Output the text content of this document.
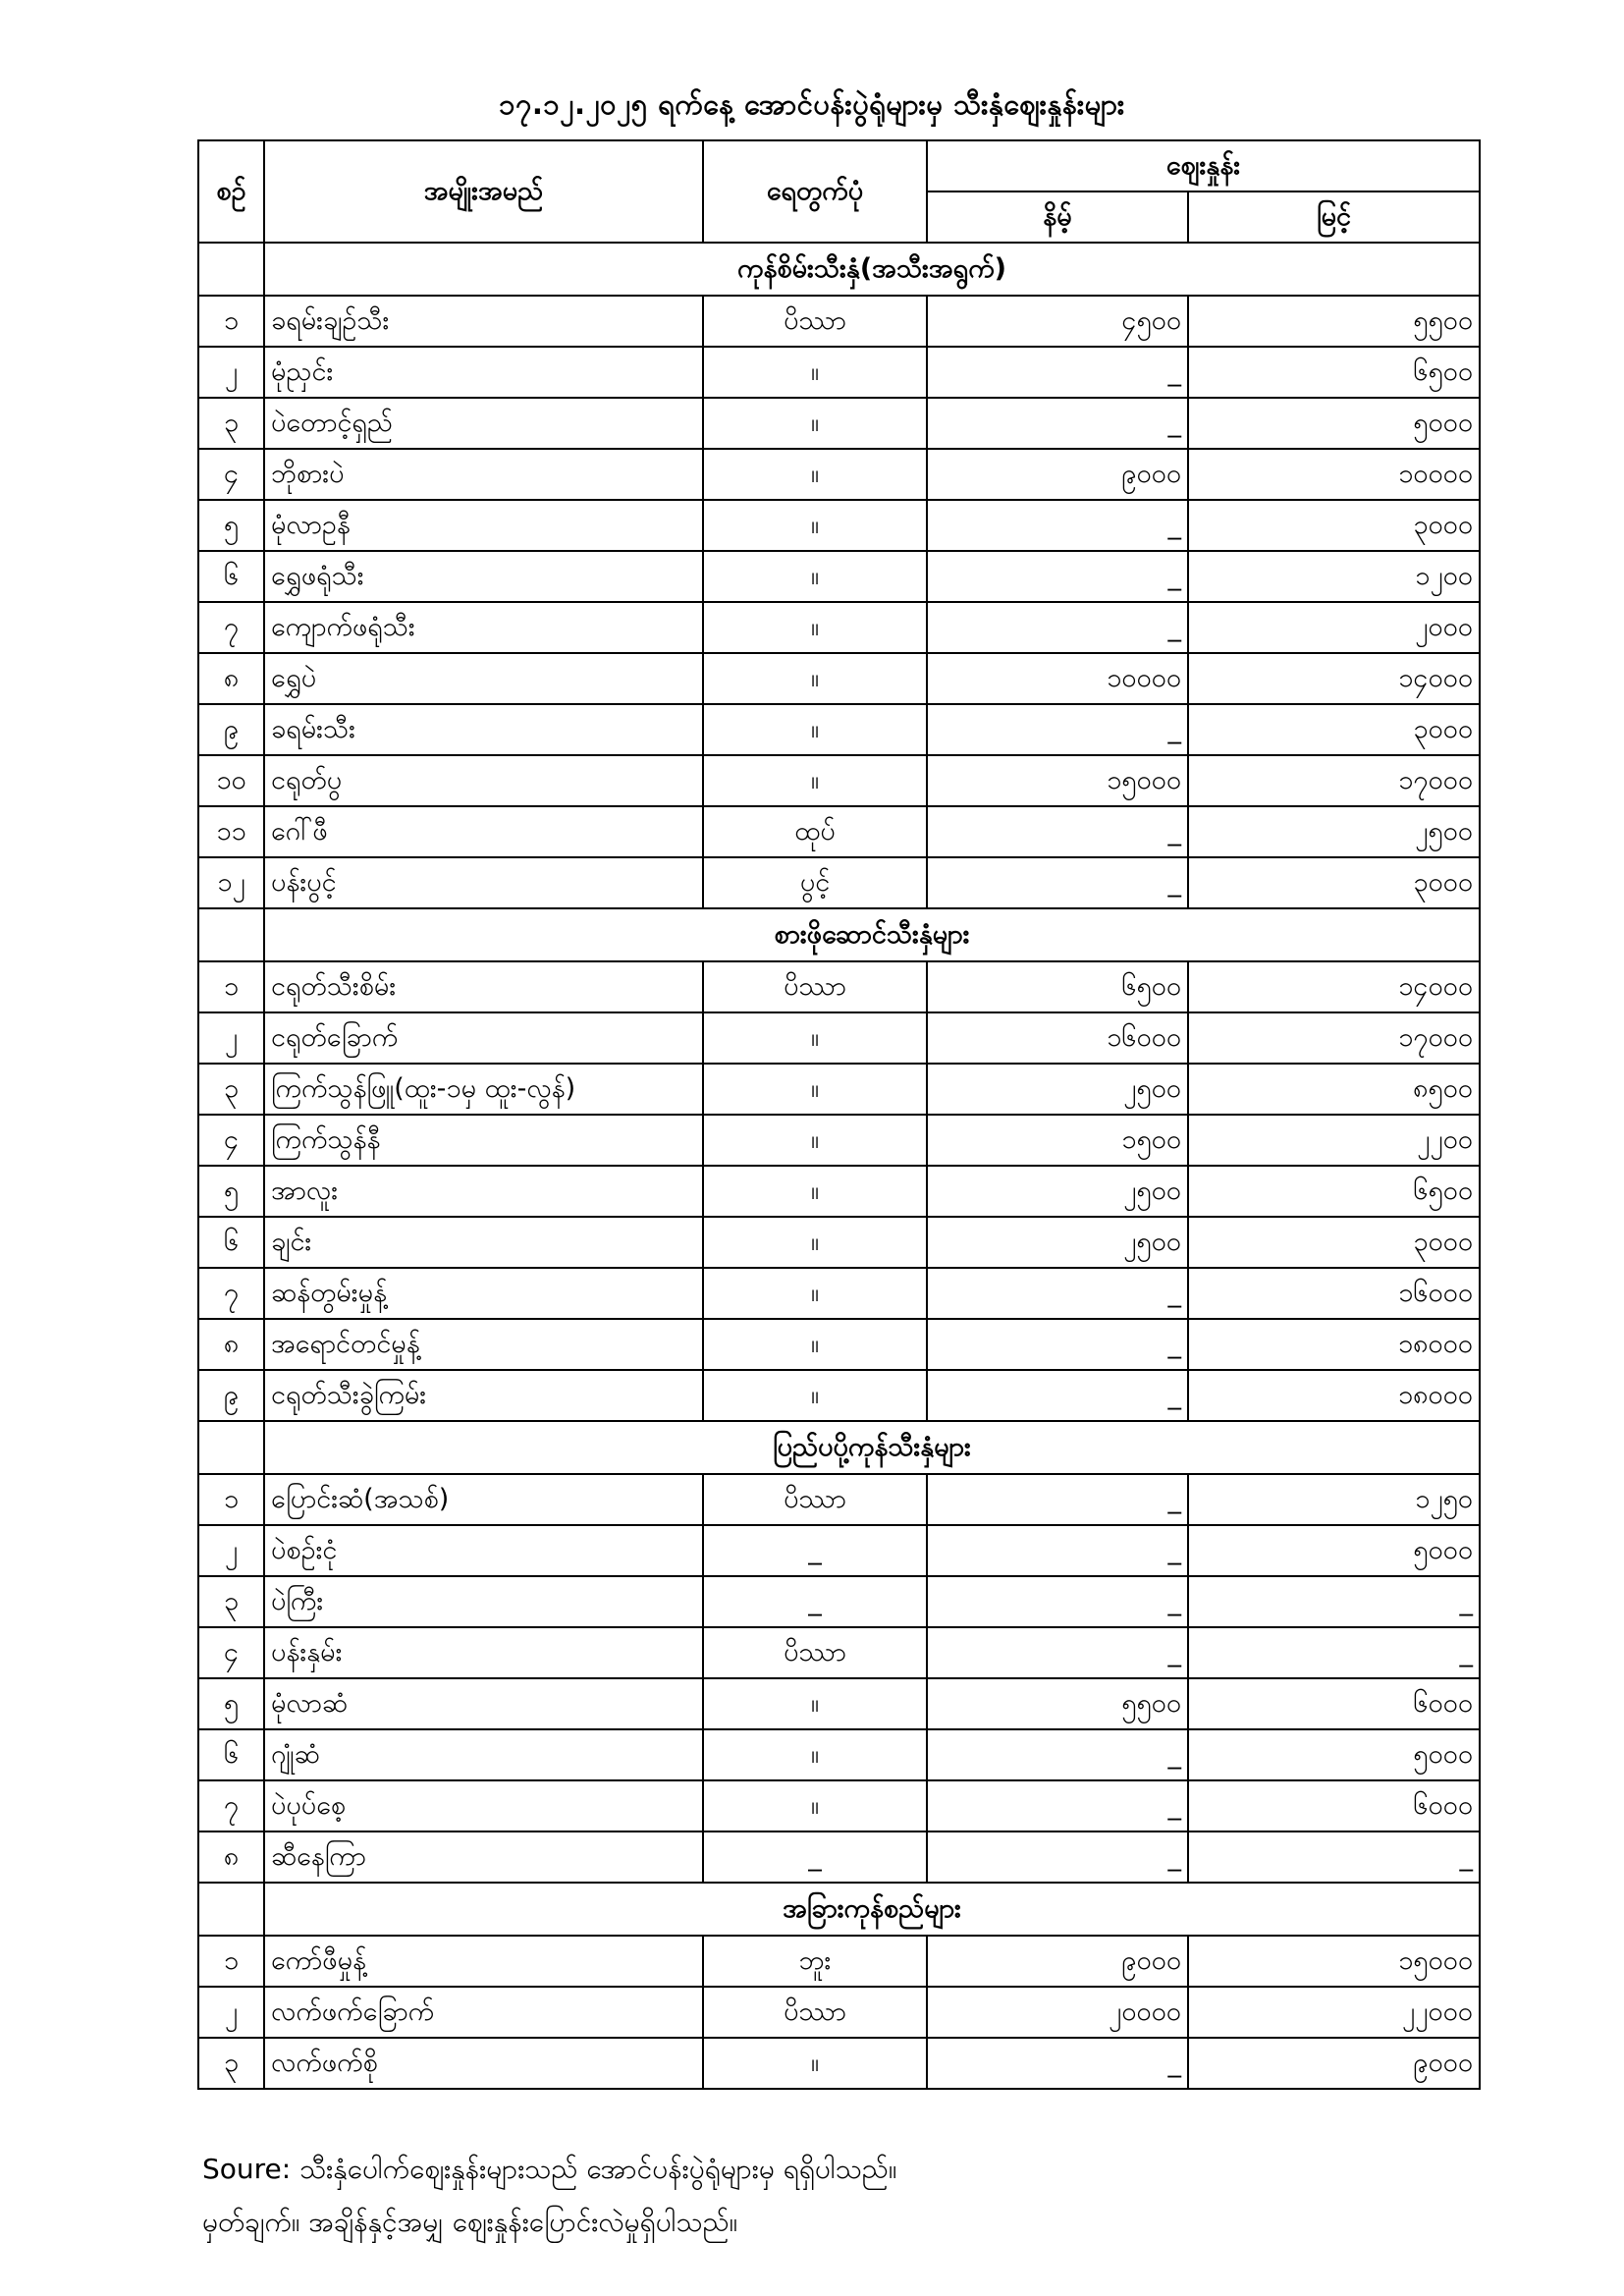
၁၇.၁၂.၂၀၂၅ ရက်နေ့ အောင်ပန်းပွဲရုံများမှ သီးနှံဈေးနှုန်းများ
စဉ်	အမျိုးအမည်	ရေတွက်ပုံ	ဈေးနှုန်း	
			နိမ့်	မြင့်
	ကုန်စိမ်းသီးနှံ(အသီးအရွက်)			
၁	ခရမ်းချဉ်သီး	ပိဿာ	၄၅၀၀	၅၅၀၀
၂	မုံညှင်း	။	_	၆၅၀၀
၃	ပဲတောင့်ရှည်	။	_	၅၀၀၀
၄	ဘိုစားပဲ	။	၉၀၀၀	၁၀၀၀၀
၅	မုံလာဥနီ	။	_	၃၀၀၀
၆	ရွှေဖရုံသီး	။	_	၁၂၀၀
၇	ကျောက်ဖရုံသီး	။	_	၂၀၀၀
၈	ရွှေပဲ	။	၁၀၀၀၀	၁၄၀၀၀
၉	ခရမ်းသီး	။	_	၃၀၀၀
၁၀	ငရုတ်ပွ	။	၁၅၀၀၀	၁၇၀၀၀
၁၁	ဂေါ်ဖီ	ထုပ်	_	၂၅၀၀
၁၂	ပန်းပွင့်	ပွင့်	_	၃၀၀၀
	စားဖိုဆောင်သီးနှံများ			
၁	ငရုတ်သီးစိမ်း	ပိဿာ	၆၅၀၀	၁၄၀၀၀
၂	ငရုတ်ခြောက်	။	၁၆၀၀၀	၁၇၀၀၀
၃	ကြက်သွန်ဖြူ(ထူး-၁မှ ထူး-လွန်)	။	၂၅၀၀	၈၅၀၀
၄	ကြက်သွန်နီ	။	၁၅၀၀	၂၂၀၀
၅	အာလူး	။	၂၅၀၀	၆၅၀၀
၆	ချင်း	။	၂၅၀၀	၃၀၀၀
၇	ဆန်တွမ်းမှုန့်	။	_	၁၆၀၀၀
၈	အရောင်တင်မှုန့်	။	_	၁၈၀၀၀
၉	ငရုတ်သီးခွဲကြမ်း	။	_	၁၈၀၀၀
	ပြည်ပပို့ကုန်သီးနှံများ			
၁	ပြောင်းဆံ(အသစ်)	ပိဿာ	_	၁၂၅၀
၂	ပဲစဉ်းငုံ	_	_	၅၀၀၀
၃	ပဲကြီး	_	_	_
၄	ပန်းနှမ်း	ပိဿာ	_	_
၅	မုံလာဆံ	။	၅၅၀၀	၆၀၀၀
၆	ဂျုံဆံ	။	_	၅၀၀၀
၇	ပဲပုပ်စေ့	။	_	၆၀၀၀
၈	ဆီနေကြာ	_	_	_
	အခြားကုန်စည်များ			
၁	ကော်ဖီမှုန့်	ဘူး	၉၀၀၀	၁၅၀၀၀
၂	လက်ဖက်ခြောက်	ပိဿာ	၂၀၀၀၀	၂၂၀၀၀
၃	လက်ဖက်စို	။	_	၉၀၀၀
Soure: သီးနှံပေါက်ဈေးနှုန်းများသည် အောင်ပန်းပွဲရုံများမှ ရရှိပါသည်။
မှတ်ချက်။ အချိန်နှင့်အမျှ ဈေးနှုန်းပြောင်းလဲမှုရှိပါသည်။
